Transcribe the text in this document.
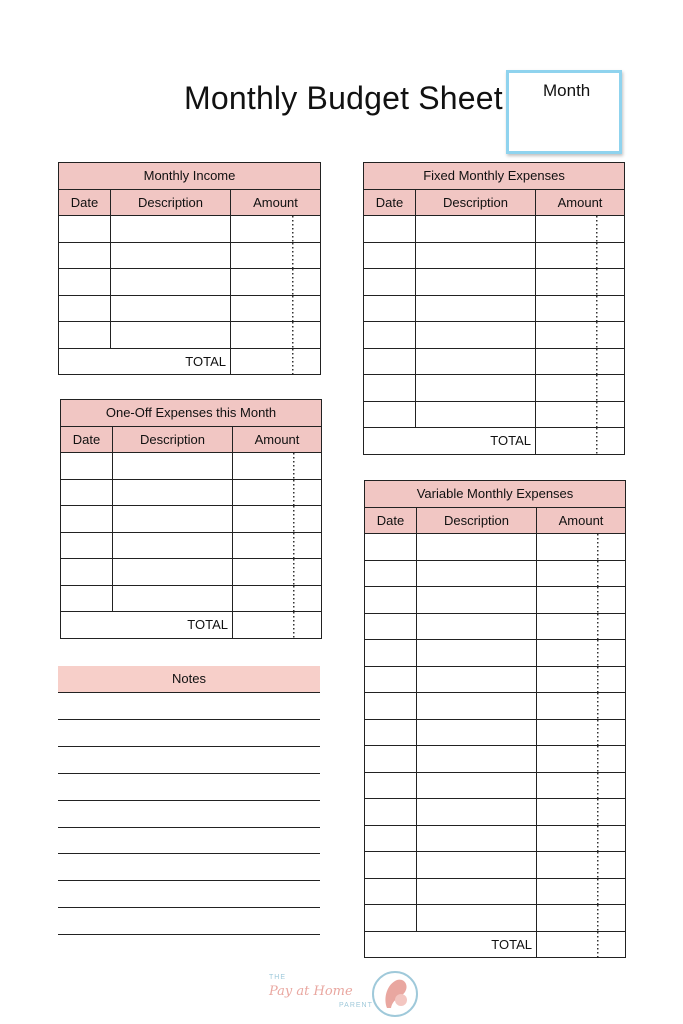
Monthly Budget Sheet Month
Monthly Income		
Date	Description	Amount

TOTAL		
One-Off Expenses this Month		
Date	Description	Amount

TOTAL		
Fixed Monthly Expenses		
Date	Description	Amount

TOTAL		
Variable Monthly Expenses		
Date	Description	Amount

TOTAL		
Notes
THE
Pay at Home
PARENT
